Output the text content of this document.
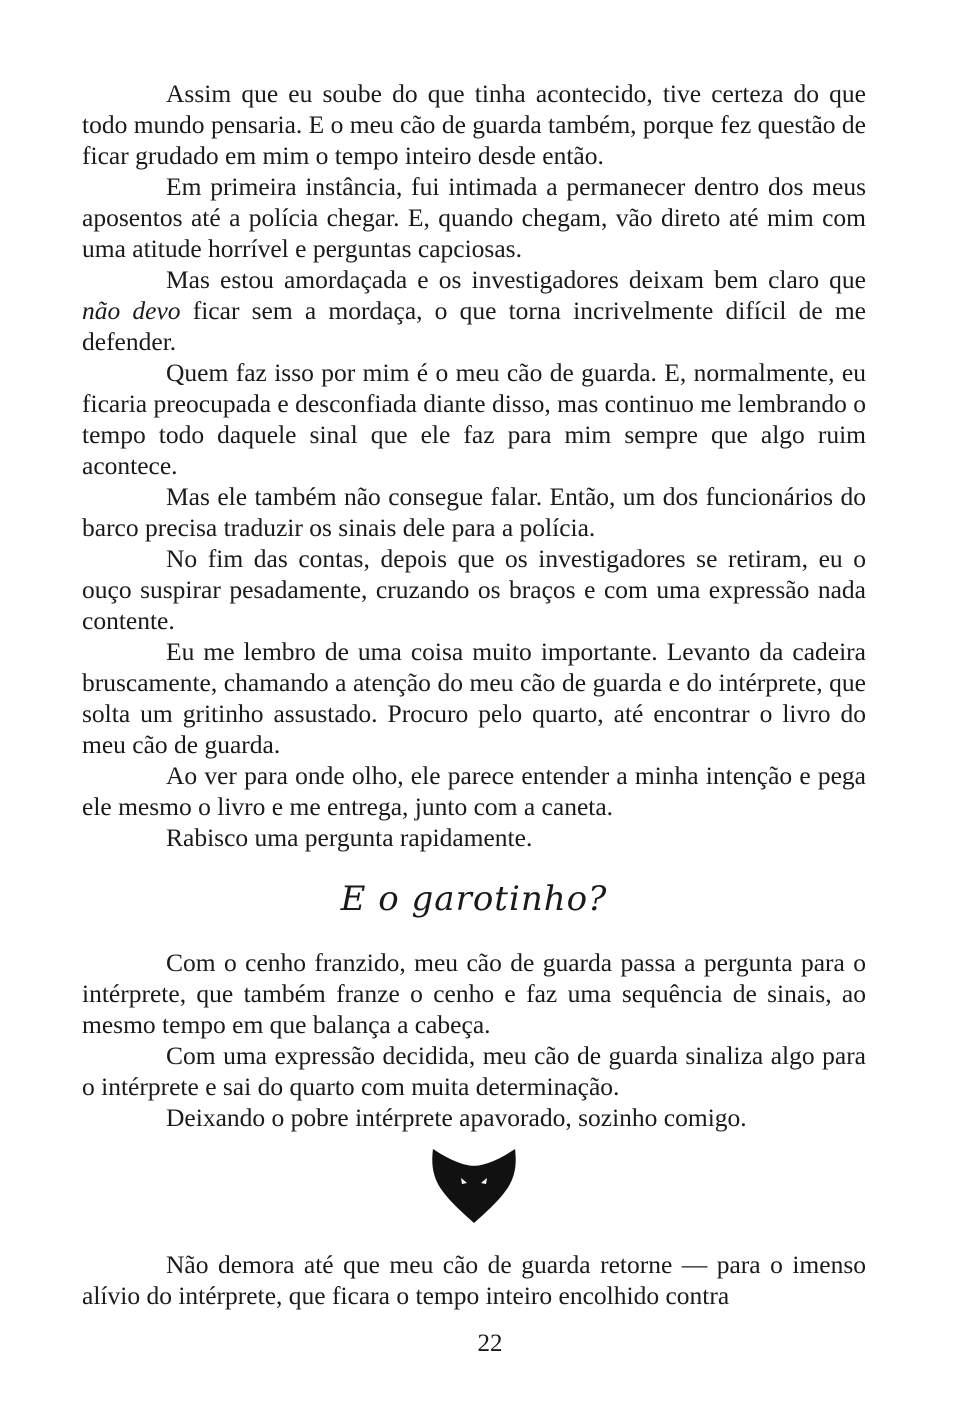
Assim que eu soube do que tinha acontecido, tive certeza do que todo mundo pensaria. E o meu cão de guarda também, porque fez questão de ficar grudado em mim o tempo inteiro desde então.

Em primeira instância, fui intimada a permanecer dentro dos meus aposentos até a polícia chegar. E, quando chegam, vão direto até mim com uma atitude horrível e perguntas capciosas.

Mas estou amordaçada e os investigadores deixam bem claro que não devo ficar sem a mordaça, o que torna incrivelmente difícil de me defender.

Quem faz isso por mim é o meu cão de guarda. E, normalmente, eu ficaria preocupada e desconfiada diante disso, mas continuo me lembrando o tempo todo daquele sinal que ele faz para mim sempre que algo ruim acontece.

Mas ele também não consegue falar. Então, um dos funcionários do barco precisa traduzir os sinais dele para a polícia.

No fim das contas, depois que os investigadores se retiram, eu o ouço suspirar pesadamente, cruzando os braços e com uma expressão nada contente.

Eu me lembro de uma coisa muito importante. Levanto da cadeira bruscamente, chamando a atenção do meu cão de guarda e do intérprete, que solta um gritinho assustado. Procuro pelo quarto, até encontrar o livro do meu cão de guarda.

Ao ver para onde olho, ele parece entender a minha intenção e pega ele mesmo o livro e me entrega, junto com a caneta.

Rabisco uma pergunta rapidamente.

E o garotinho?

Com o cenho franzido, meu cão de guarda passa a pergunta para o intérprete, que também franze o cenho e faz uma sequência de sinais, ao mesmo tempo em que balança a cabeça.

Com uma expressão decidida, meu cão de guarda sinaliza algo para o intérprete e sai do quarto com muita determinação.

Deixando o pobre intérprete apavorado, sozinho comigo.

Não demora até que meu cão de guarda retorne — para o imenso alívio do intérprete, que ficara o tempo inteiro encolhido contra

22
